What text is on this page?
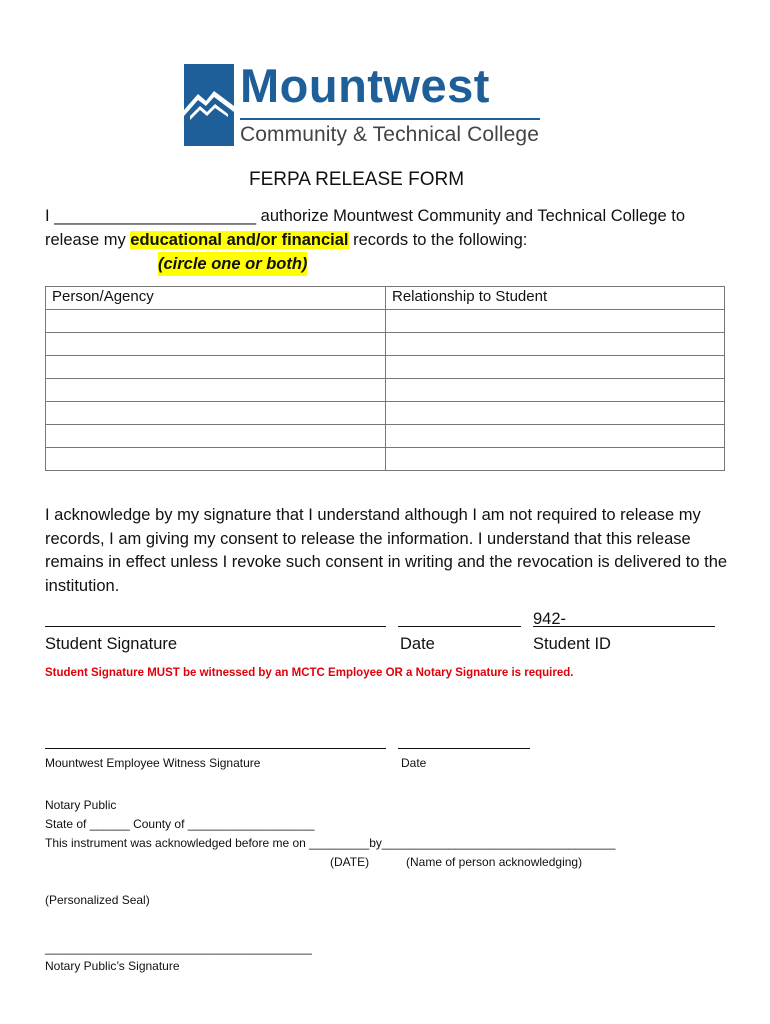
Mountwest
Community & Technical College
FERPA RELEASE FORM
I ______________________ authorize Mountwest Community and Technical College to
release my educational and/or financial records to the following:
(circle one or both)
Person/Agency	Relationship to Student

I acknowledge by my signature that I understand although I am not required to release my
records, I am giving my consent to release the information. I understand that this release
remains in effect unless I revoke such consent in writing and the revocation is delivered to the
institution.
942-
Student Signature	Date	Student ID
Student Signature MUST be witnessed by an MCTC Employee OR a Notary Signature is required.
Mountwest Employee Witness Signature	Date
Notary Public
State of ______ County of ___________________
This instrument was acknowledged before me on _________by___________________________________
(DATE)	(Name of person acknowledging)
(Personalized Seal)
________________________________________
Notary Public’s Signature
